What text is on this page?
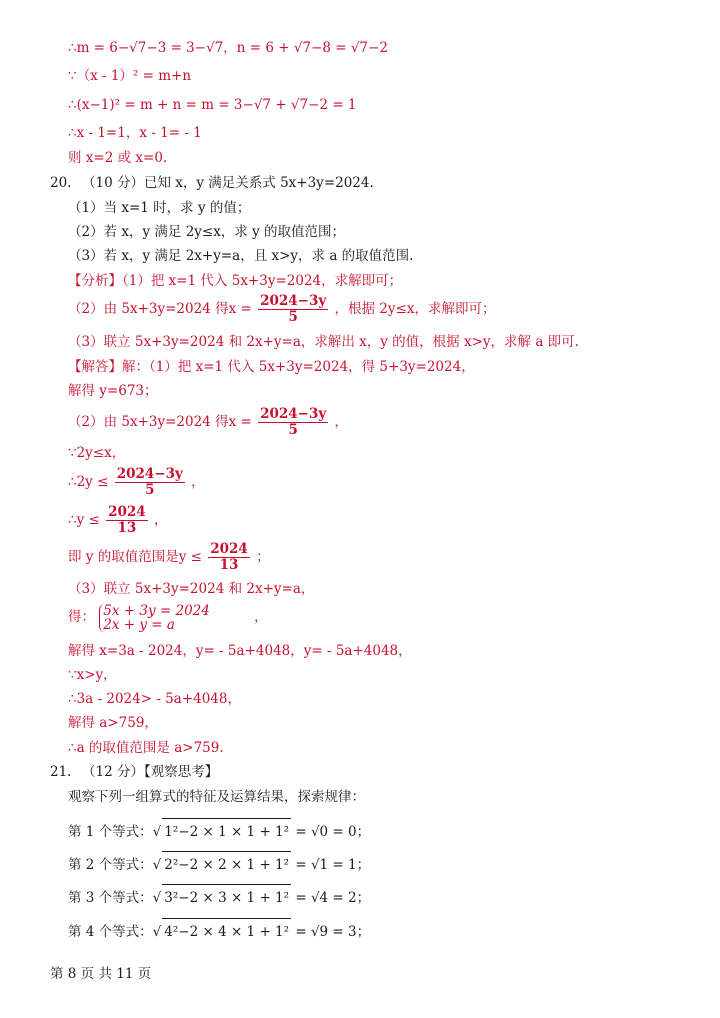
∴m = 6−√7−3 = 3−√7，n = 6 + √7−8 = √7−2
∵（x - 1）² = m+n
∴(x−1)² = m + n = m = 3−√7 + √7−2 = 1
∴x - 1=1，x - 1= - 1
则 x=2 或 x=0.
20. （10 分）已知 x，y 满足关系式 5x+3y=2024.
（1）当 x=1 时，求 y 的值；
（2）若 x，y 满足 2y≤x，求 y 的取值范围；
（3）若 x，y 满足 2x+y=a，且 x>y，求 a 的取值范围.
【分析】（1）把 x=1 代入 5x+3y=2024，求解即可；
（2）由 5x+3y=2024 得$x = \frac{2024-3y}{5}$ ，根据 2y≤x，求解即可；
（3）联立 5x+3y=2024 和 2x+y=a，求解出 x，y 的值，根据 x>y，求解 a 即可.
【解答】解：（1）把 x=1 代入 5x+3y=2024，得 5+3y=2024，
解得 y=673；
（2）由 5x+3y=2024 得$x = \frac{2024-3y}{5}$ ，
∵2y≤x，
∴2y ≤ $\frac{2024-3y}{5}$ ，
∴y ≤ $\frac{2024}{13}$ ，
即 y 的取值范围是$y \le \frac{2024}{13}$ ；
（3）联立 5x+3y=2024 和 2x+y=a，
得： 5x + 3y = 2024
2x + y = a	，
解得 x=3a - 2024，y= - 5a+4048，y= - 5a+4048，
∵x>y，
∴3a - 2024> - 5a+4048，
解得 a>759，
∴a 的取值范围是 a>759.
21. （12 分）【观察思考】
观察下列一组算式的特征及运算结果，探索规律：
第 1 个等式：√ 1²−2 × 1 × 1 + 1² = √0 = 0；
第 2 个等式：√ 2²−2 × 2 × 1 + 1² = √1 = 1；
第 3 个等式：√ 3²−2 × 3 × 1 + 1² = √4 = 2；
第 4 个等式：√ 4²−2 × 4 × 1 + 1² = √9 = 3；
第 8 页 共 11 页
